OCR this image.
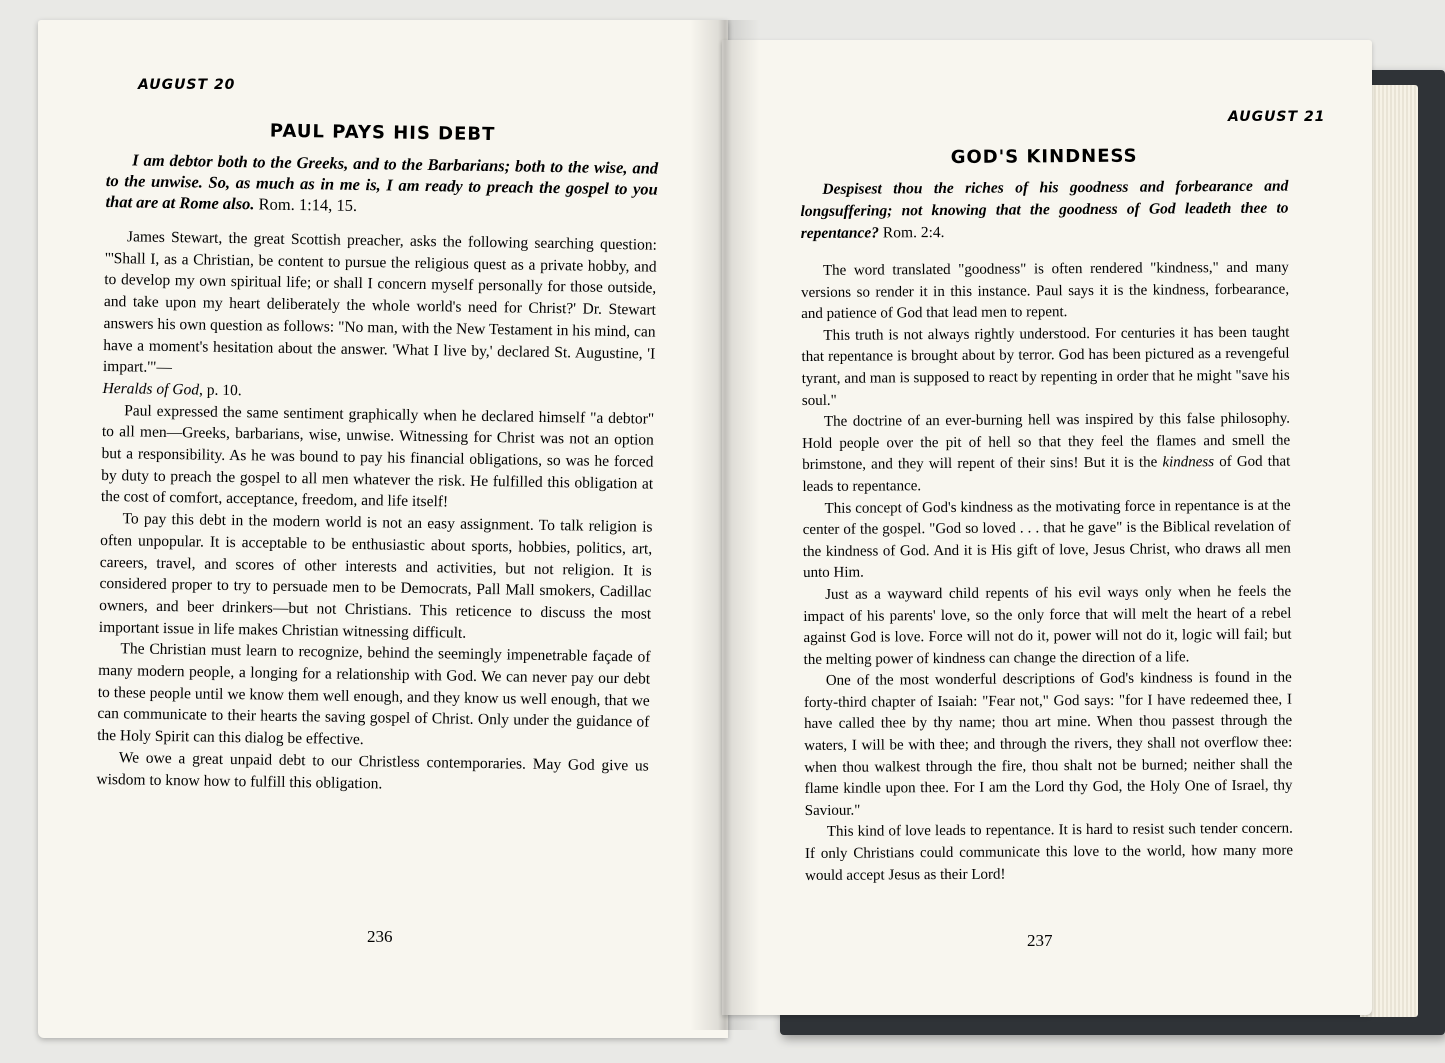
AUGUST 20
PAUL PAYS HIS DEBT
I am debtor both to the Greeks, and to the Barbarians; both to the wise, and to the unwise. So, as much as in me is, I am ready to preach the gospel to you that are at Rome also. Rom. 1:14, 15.

James Stewart, the great Scottish preacher, asks the following searching question: "'Shall I, as a Christian, be content to pursue the religious quest as a private hobby, and to develop my own spiritual life; or shall I concern myself personally for those outside, and take upon my heart deliberately the whole world's need for Christ?' Dr. Stewart answers his own question as follows: "No man, with the New Testament in his mind, can have a moment's hesitation about the answer. 'What I live by,' declared St. Augustine, 'I impart.'"—
Heralds of God, p. 10.

Paul expressed the same sentiment graphically when he declared himself "a debtor" to all men—Greeks, barbarians, wise, unwise. Witnessing for Christ was not an option but a responsibility. As he was bound to pay his financial obligations, so was he forced by duty to preach the gospel to all men whatever the risk. He fulfilled this obligation at the cost of comfort, acceptance, freedom, and life itself!

To pay this debt in the modern world is not an easy assignment. To talk religion is often unpopular. It is acceptable to be enthusiastic about sports, hobbies, politics, art, careers, travel, and scores of other interests and activities, but not religion. It is considered proper to try to persuade men to be Democrats, Pall Mall smokers, Cadillac owners, and beer drinkers—but not Christians. This reticence to discuss the most important issue in life makes Christian witnessing difficult.

The Christian must learn to recognize, behind the seemingly impenetrable façade of many modern people, a longing for a relationship with God. We can never pay our debt to these people until we know them well enough, and they know us well enough, that we can communicate to their hearts the saving gospel of Christ. Only under the guidance of the Holy Spirit can this dialog be effective.

We owe a great unpaid debt to our Christless contemporaries. May God give us wisdom to know how to fulfill this obligation.

236
AUGUST 21
GOD'S KINDNESS
Despisest thou the riches of his goodness and forbearance and longsuffering; not knowing that the goodness of God leadeth thee to repentance? Rom. 2:4.

The word translated "goodness" is often rendered "kindness," and many versions so render it in this instance. Paul says it is the kindness, forbearance, and patience of God that lead men to repent.

This truth is not always rightly understood. For centuries it has been taught that repentance is brought about by terror. God has been pictured as a revengeful tyrant, and man is supposed to react by repenting in order that he might "save his soul."

The doctrine of an ever-burning hell was inspired by this false philosophy. Hold people over the pit of hell so that they feel the flames and smell the brimstone, and they will repent of their sins! But it is the kindness of God that leads to repentance.

This concept of God's kindness as the motivating force in repentance is at the center of the gospel. "God so loved . . . that he gave" is the Biblical revelation of the kindness of God. And it is His gift of love, Jesus Christ, who draws all men unto Him.

Just as a wayward child repents of his evil ways only when he feels the impact of his parents' love, so the only force that will melt the heart of a rebel against God is love. Force will not do it, power will not do it, logic will fail; but the melting power of kindness can change the direction of a life.

One of the most wonderful descriptions of God's kindness is found in the forty-third chapter of Isaiah: "Fear not," God says: "for I have redeemed thee, I have called thee by thy name; thou art mine. When thou passest through the waters, I will be with thee; and through the rivers, they shall not overflow thee: when thou walkest through the fire, thou shalt not be burned; neither shall the flame kindle upon thee. For I am the Lord thy God, the Holy One of Israel, thy Saviour."

This kind of love leads to repentance. It is hard to resist such tender concern. If only Christians could communicate this love to the world, how many more would accept Jesus as their Lord!

237
